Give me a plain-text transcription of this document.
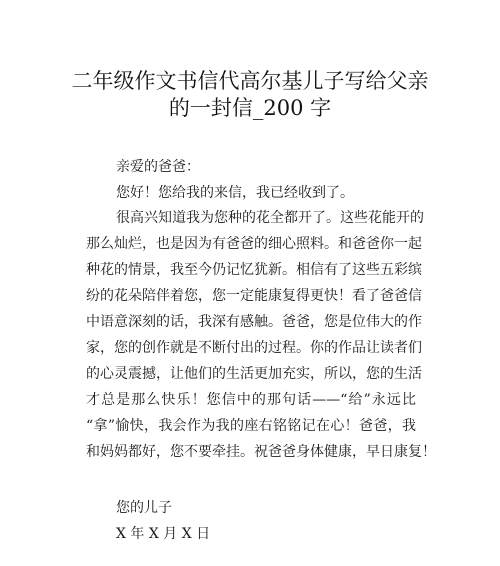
二年级作文书信代高尔基儿子写给父亲
的一封信_200 字
亲爱的爸爸：
您好！您给我的来信，我已经收到了。
很高兴知道我为您种的花全都开了。这些花能开的
那么灿烂，也是因为有爸爸的细心照料。和爸爸你一起
种花的情景，我至今仍记忆犹新。相信有了这些五彩缤
纷的花朵陪伴着您，您一定能康复得更快！看了爸爸信
中语意深刻的话，我深有感触。爸爸，您是位伟大的作
家，您的创作就是不断付出的过程。你的作品让读者们
的心灵震撼，让他们的生活更加充实，所以，您的生活
才总是那么快乐！您信中的那句话——“给”永远比
“拿”愉快，我会作为我的座右铭铭记在心！爸爸，我
和妈妈都好，您不要牵挂。祝爸爸身体健康，早日康复！
您的儿子
X 年 X 月 X 日
